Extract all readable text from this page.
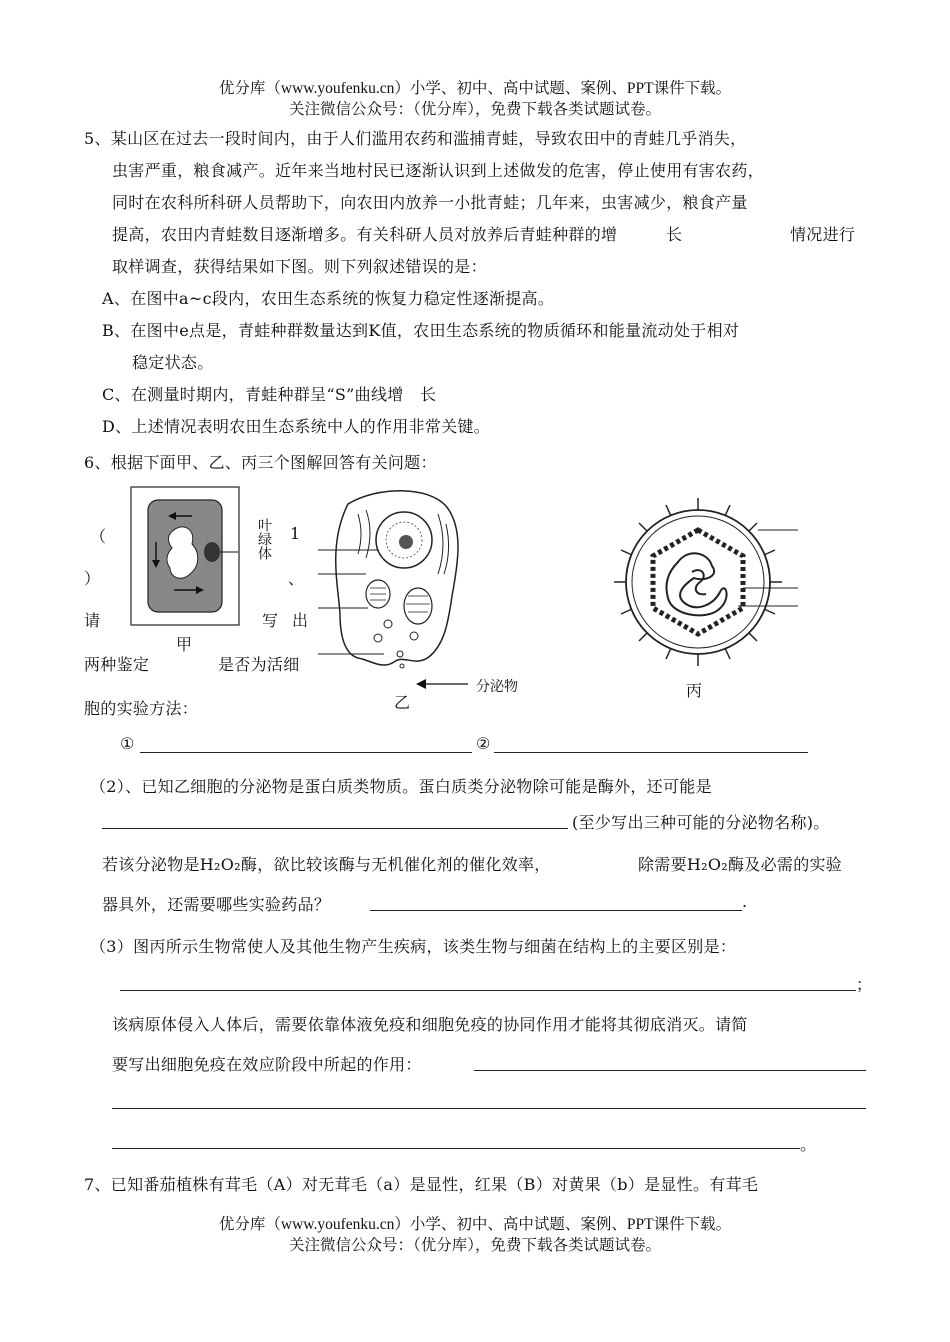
优分库（www.youfenku.cn）小学、初中、高中试题、案例、PPT课件下载。
关注微信公众号：（优分库），免费下载各类试题试卷。
5、某山区在过去一段时间内，由于人们滥用农药和滥捕青蛙，导致农田中的青蛙几乎消失，
虫害严重，粮食减产。近年来当地村民已逐渐认识到上述做发的危害，停止使用有害农药，
同时在农科所科研人员帮助下，向农田内放养一小批青蛙；几年来，虫害减少，粮食产量
提高，农田内青蛙数目逐渐增多。有关科研人员对放养后青蛙种群的增	长	情况进行
取样调查，获得结果如下图。则下列叙述错误的是：
A、在图中a~c段内，农田生态系统的恢复力稳定性逐渐提高。
B、在图中e点是，青蛙种群数量达到K值，农田生态系统的物质循环和能量流动处于相对
稳定状态。
C、在测量时期内，青蛙种群呈“S”曲线增 长
D、上述情况表明农田生态系统中人的作用非常关键。
6、根据下面甲、乙、丙三个图解回答有关问题：
叶绿体
甲
（	1
）	、
请	写 出
两种鉴定	是否为活细
胞的实验方法：	乙
分泌物	丙
①	②
（2）、已知乙细胞的分泌物是蛋白质类物质。蛋白质类分泌物除可能是酶外，还可能是
(至少写出三种可能的分泌物名称)。
若该分泌物是H₂O₂酶，欲比较该酶与无机催化剂的催化效率，	除需要H₂O₂酶及必需的实验
器具外，还需要哪些实验药品？	.
（3）图丙所示生物常使人及其他生物产生疾病，该类生物与细菌在结构上的主要区别是：
；
该病原体侵入人体后，需要依靠体液免疫和细胞免疫的协同作用才能将其彻底消灭。请简
要写出细胞免疫在效应阶段中所起的作用：
。
7、已知番茄植株有茸毛（A）对无茸毛（a）是显性，红果（B）对黄果（b）是显性。有茸毛
优分库（www.youfenku.cn）小学、初中、高中试题、案例、PPT课件下载。
关注微信公众号：（优分库），免费下载各类试题试卷。
